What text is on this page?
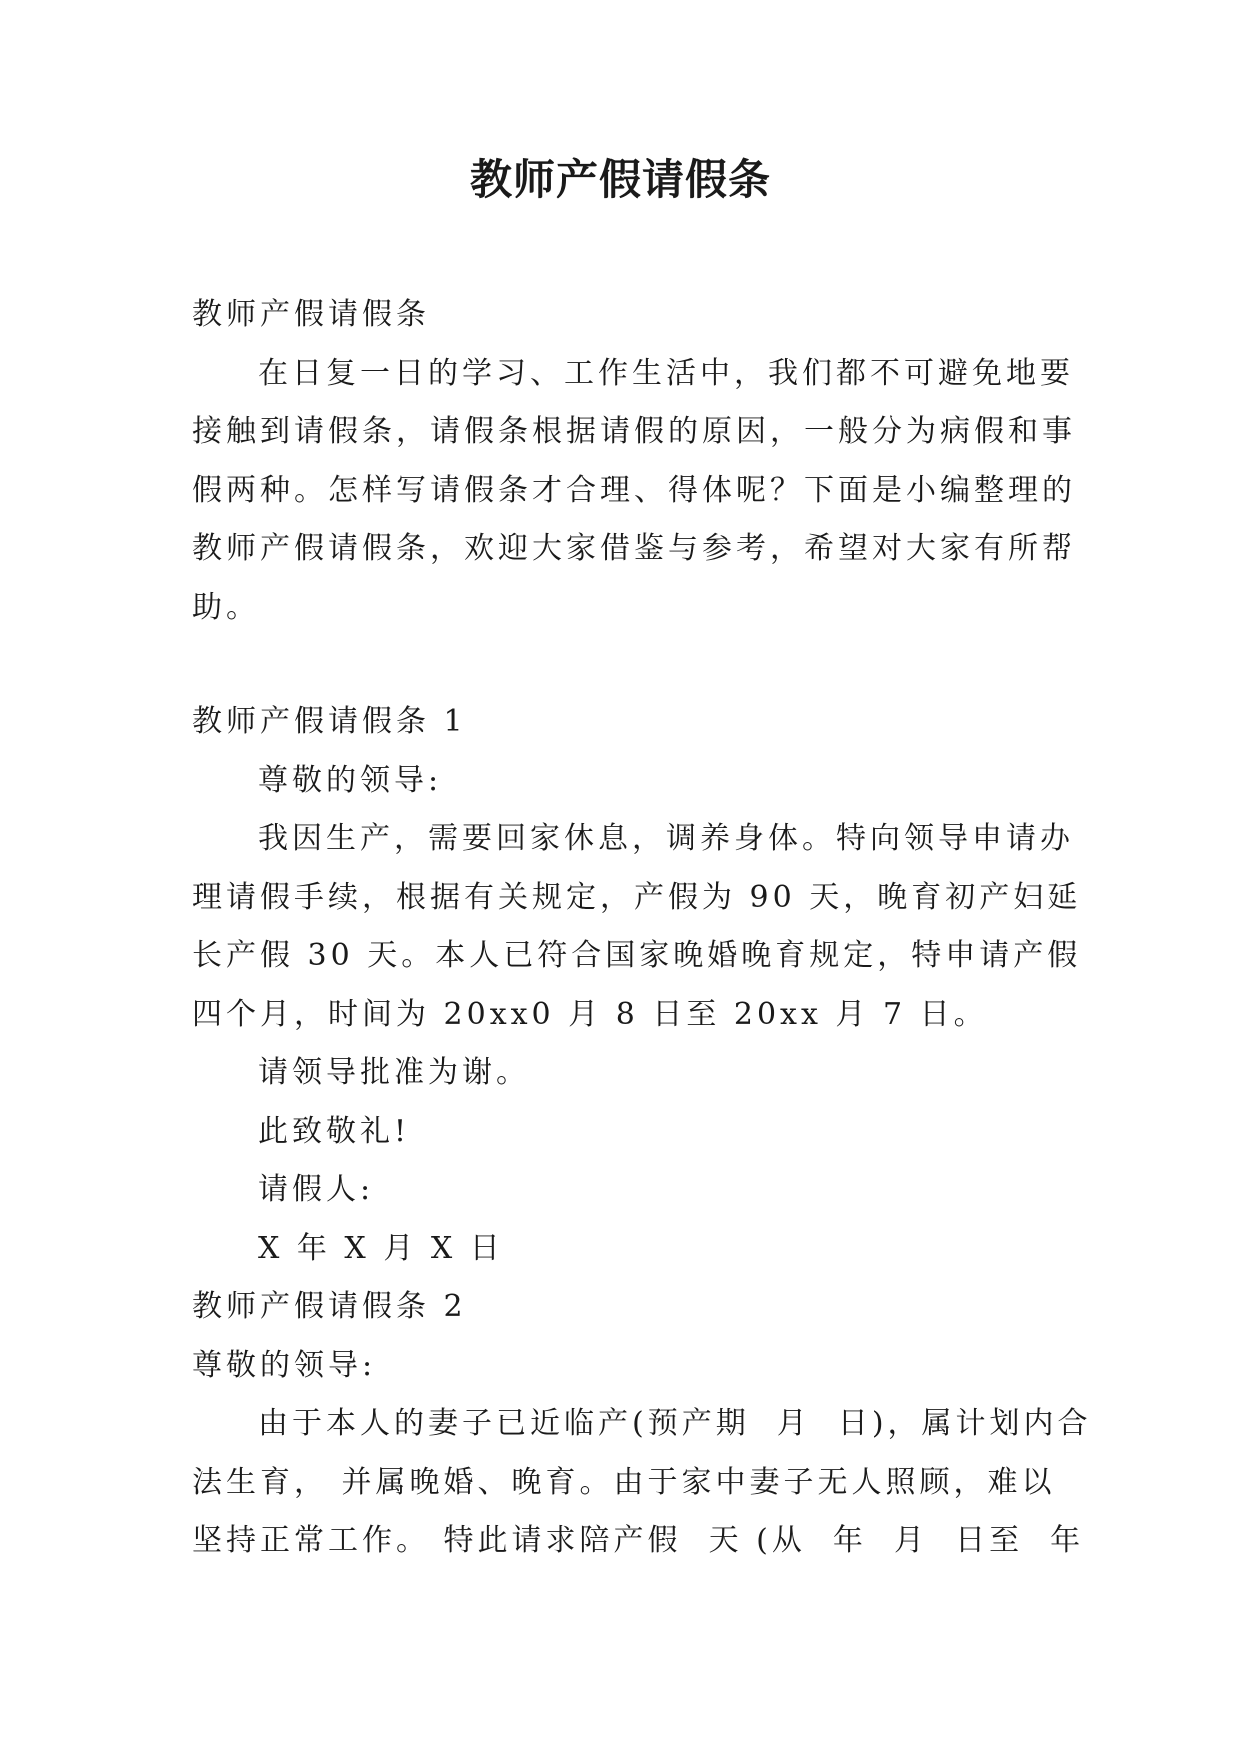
教师产假请假条

教师产假请假条

在日复一日的学习、工作生活中，我们都不可避免地要

接触到请假条，请假条根据请假的原因，一般分为病假和事

假两种。怎样写请假条才合理、得体呢？下面是小编整理的

教师产假请假条，欢迎大家借鉴与参考，希望对大家有所帮

助。

教师产假请假条 1

尊敬的领导:

我因生产，需要回家休息，调养身体。特向领导申请办

理请假手续，根据有关规定，产假为 90 天，晚育初产妇延

长产假 30 天。本人已符合国家晚婚晚育规定，特申请产假

四个月，时间为 20xx0 月 8 日至 20xx 月 7 日。

请领导批准为谢。

此致敬礼!

请假人:

X 年 X 月 X 日

教师产假请假条 2

尊敬的领导:

由于本人的妻子已近临产(预产期  月  日)，属计划内合

法生育， 并属晚婚、晚育。由于家中妻子无人照顾，难以

坚持正常工作。 特此请求陪产假  天 (从  年  月  日至  年
